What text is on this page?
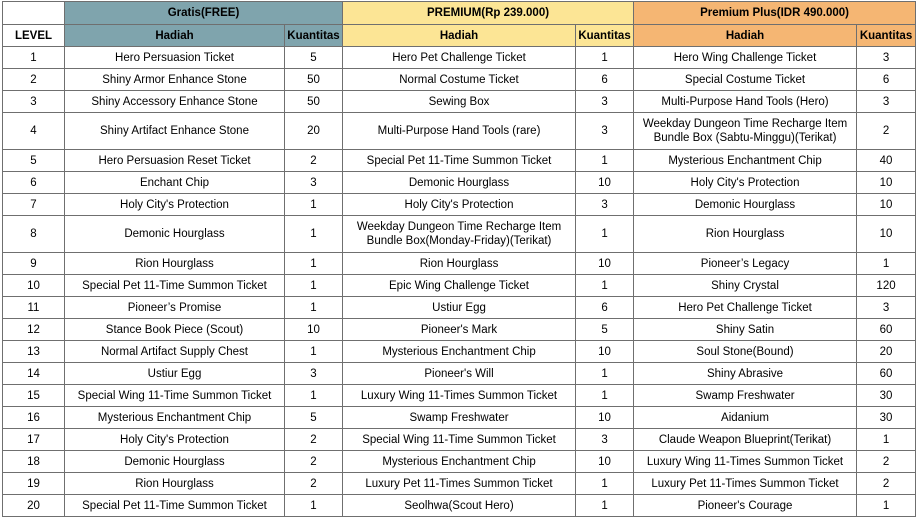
	Gratis(FREE)		PREMIUM(Rp 239.000)		Premium Plus(IDR 490.000)	
LEVEL	Hadiah	Kuantitas	Hadiah	Kuantitas	Hadiah	Kuantitas
1	Hero Persuasion Ticket	5	Hero Pet Challenge Ticket	1	Hero Wing Challenge Ticket	3
2	Shiny Armor Enhance Stone	50	Normal Costume Ticket	6	Special Costume Ticket	6
3	Shiny Accessory Enhance Stone	50	Sewing Box	3	Multi-Purpose Hand Tools (Hero)	3
4	Shiny Artifact Enhance Stone	20	Multi-Purpose Hand Tools (rare)	3	Weekday Dungeon Time Recharge Item Bundle Box (Sabtu-Minggu)(Terikat)	2
5	Hero Persuasion Reset Ticket	2	Special Pet 11-Time Summon Ticket	1	Mysterious Enchantment Chip	40
6	Enchant Chip	3	Demonic Hourglass	10	Holy City's Protection	10
7	Holy City's Protection	1	Holy City's Protection	3	Demonic Hourglass	10
8	Demonic Hourglass	1	Weekday Dungeon Time Recharge Item Bundle Box(Monday-Friday)(Terikat)	1	Rion Hourglass	10
9	Rion Hourglass	1	Rion Hourglass	10	Pioneer’s Legacy	1
10	Special Pet 11-Time Summon Ticket	1	Epic Wing Challenge Ticket	1	Shiny Crystal	120
11	Pioneer’s Promise	1	Ustiur Egg	6	Hero Pet Challenge Ticket	3
12	Stance Book Piece (Scout)	10	Pioneer's Mark	5	Shiny Satin	60
13	Normal Artifact Supply Chest	1	Mysterious Enchantment Chip	10	Soul Stone(Bound)	20
14	Ustiur Egg	3	Pioneer's Will	1	Shiny Abrasive	60
15	Special Wing 11-Time Summon Ticket	1	Luxury Wing 11-Times Summon Ticket	1	Swamp Freshwater	30
16	Mysterious Enchantment Chip	5	Swamp Freshwater	10	Aidanium	30
17	Holy City's Protection	2	Special Wing 11-Time Summon Ticket	3	Claude Weapon Blueprint(Terikat)	1
18	Demonic Hourglass	2	Mysterious Enchantment Chip	10	Luxury Wing 11-Times Summon Ticket	2
19	Rion Hourglass	2	Luxury Pet 11-Times Summon Ticket	1	Luxury Pet 11-Times Summon Ticket	2
20	Special Pet 11-Time Summon Ticket	1	Seolhwa(Scout Hero)	1	Pioneer's Courage	1
